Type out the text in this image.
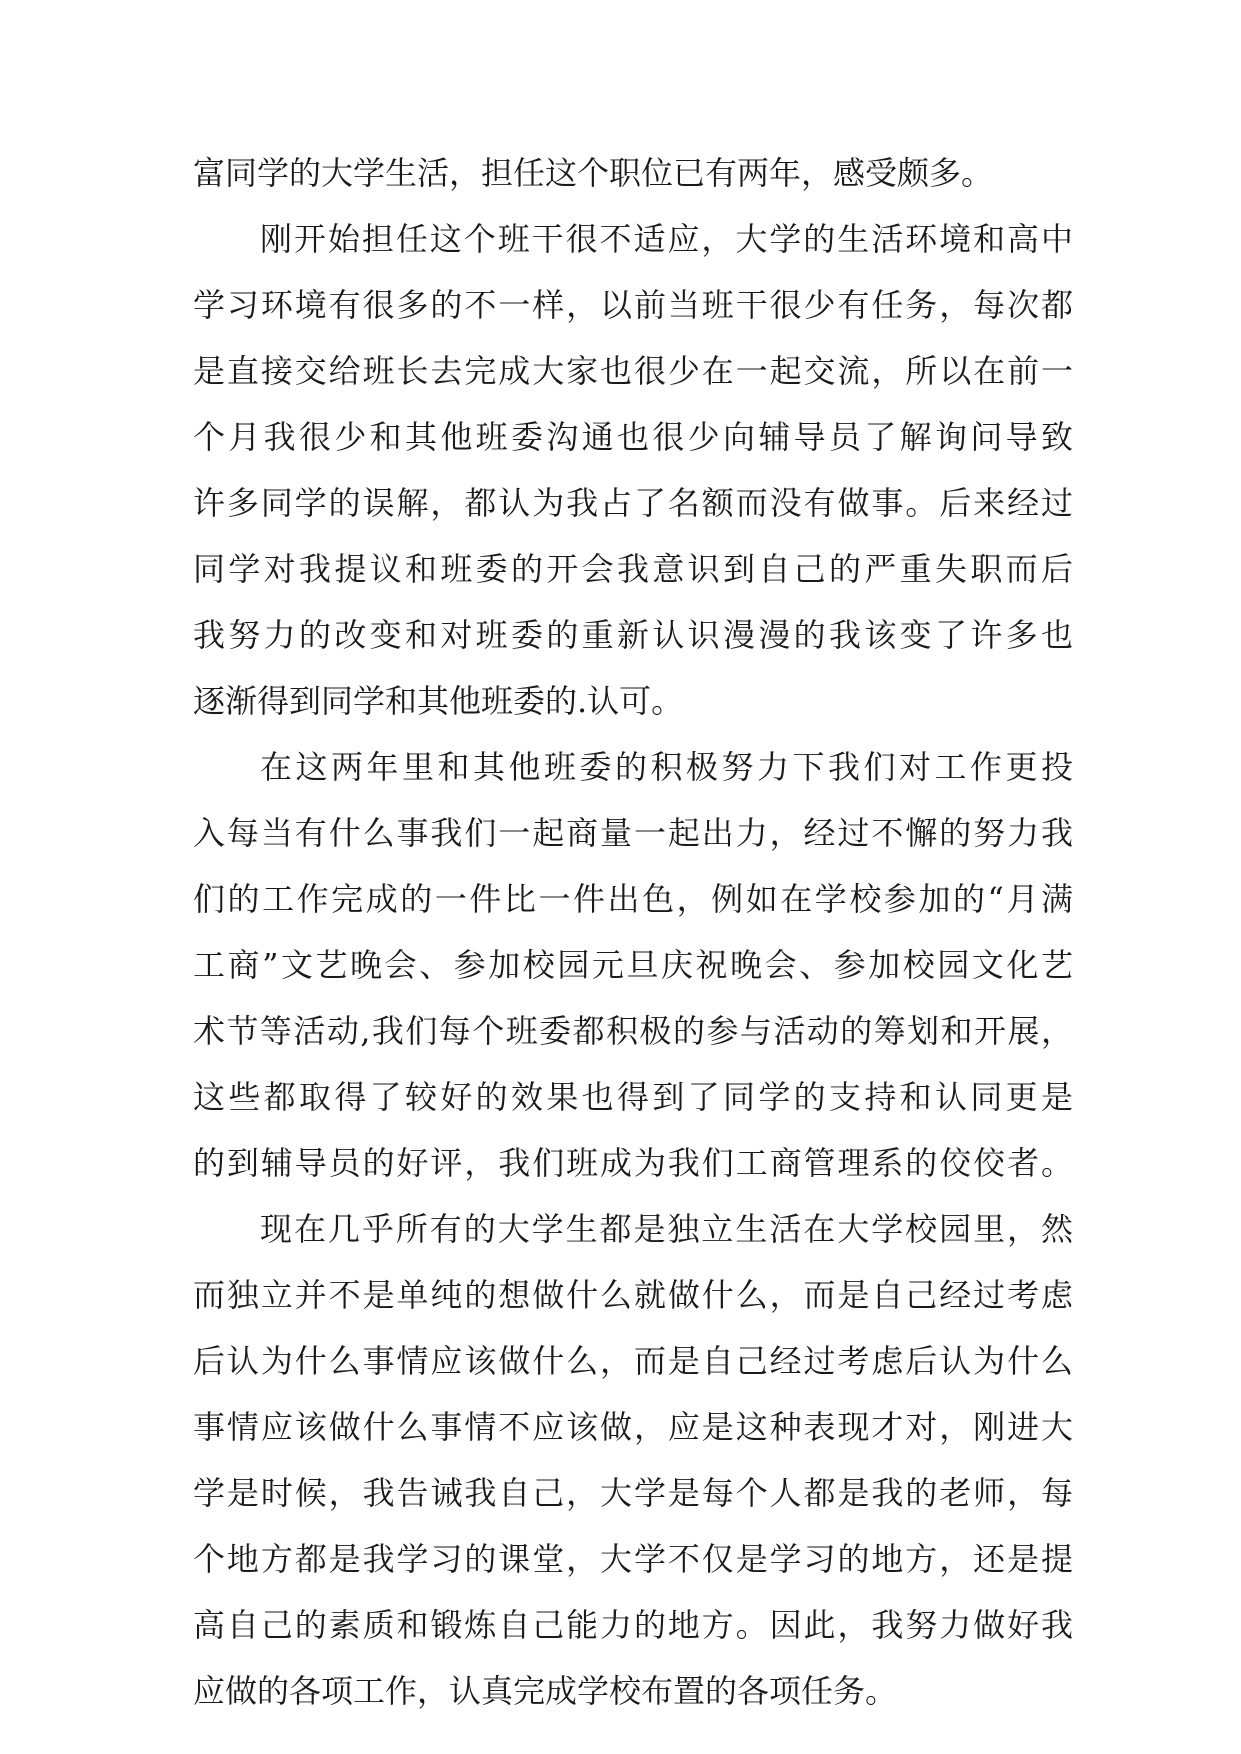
富同学的大学生活，担任这个职位已有两年，感受颇多。

刚开始担任这个班干很不适应，大学的生活环境和高中

学习环境有很多的不一样，以前当班干很少有任务，每次都

是直接交给班长去完成大家也很少在一起交流，所以在前一

个月我很少和其他班委沟通也很少向辅导员了解询问导致

许多同学的误解，都认为我占了名额而没有做事。后来经过

同学对我提议和班委的开会我意识到自己的严重失职而后

我努力的改变和对班委的重新认识漫漫的我该变了许多也

逐渐得到同学和其他班委的.认可。

在这两年里和其他班委的积极努力下我们对工作更投

入每当有什么事我们一起商量一起出力，经过不懈的努力我

们的工作完成的一件比一件出色，例如在学校参加的“月满

工商”文艺晚会、参加校园元旦庆祝晚会、参加校园文化艺

术节等活动,我们每个班委都积极的参与活动的筹划和开展，

这些都取得了较好的效果也得到了同学的支持和认同更是

的到辅导员的好评，我们班成为我们工商管理系的佼佼者。

现在几乎所有的大学生都是独立生活在大学校园里，然

而独立并不是单纯的想做什么就做什么，而是自己经过考虑

后认为什么事情应该做什么，而是自己经过考虑后认为什么

事情应该做什么事情不应该做，应是这种表现才对，刚进大

学是时候，我告诫我自己，大学是每个人都是我的老师，每

个地方都是我学习的课堂，大学不仅是学习的地方，还是提

高自己的素质和锻炼自己能力的地方。因此，我努力做好我

应做的各项工作，认真完成学校布置的各项任务。
